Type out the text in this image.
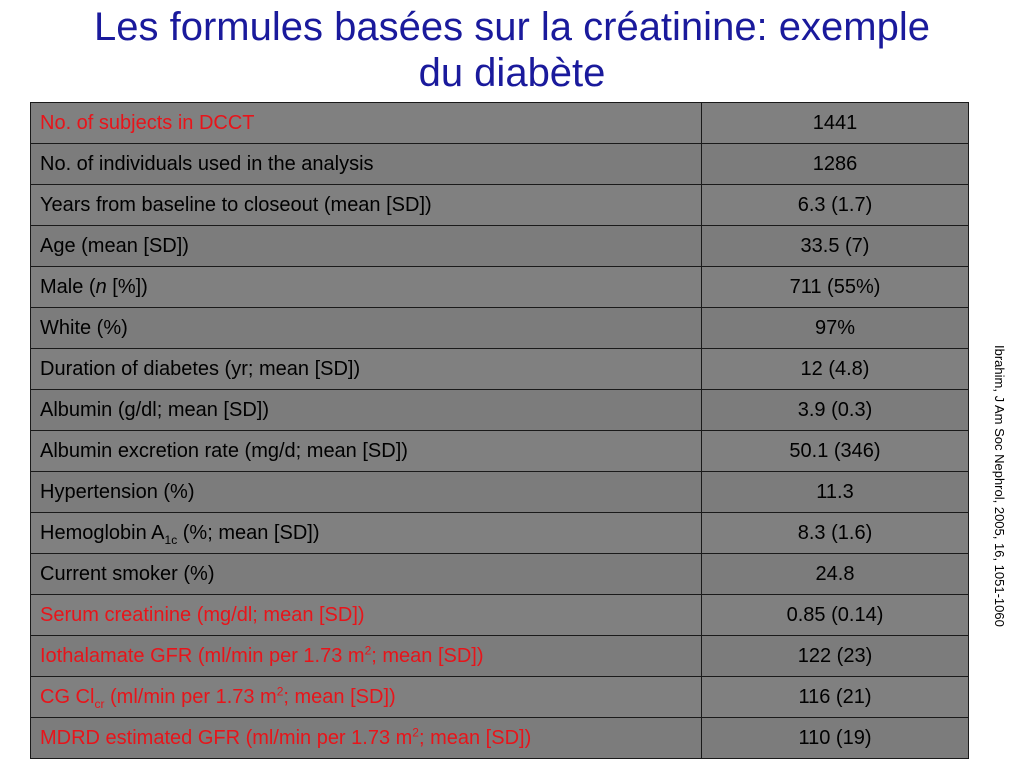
Les formules basées sur la créatinine: exemple
du diabète
No. of subjects in DCCT	1441
No. of individuals used in the analysis	1286
Years from baseline to closeout (mean [SD])	6.3 (1.7)
Age (mean [SD])	33.5 (7)
Male (n [%])	711 (55%)
White (%)	97%
Duration of diabetes (yr; mean [SD])	12 (4.8)
Albumin (g/dl; mean [SD])	3.9 (0.3)
Albumin excretion rate (mg/d; mean [SD])	50.1 (346)
Hypertension (%)	11.3
Hemoglobin $A_{1c}$ (%; mean [SD])	8.3 (1.6)
Current smoker (%)	24.8
Serum creatinine (mg/dl; mean [SD])	0.85 (0.14)
Iothalamate GFR (ml/min per 1.73 $m^2$; mean [SD])	122 (23)
CG $Cl_{cr}$ (ml/min per 1.73 $m^2$; mean [SD])	116 (21)
MDRD estimated GFR (ml/min per 1.73 $m^2$; mean [SD])	110 (19)
Ibrahim, J Am Soc Nephrol, 2005, 16, 1051-1060
